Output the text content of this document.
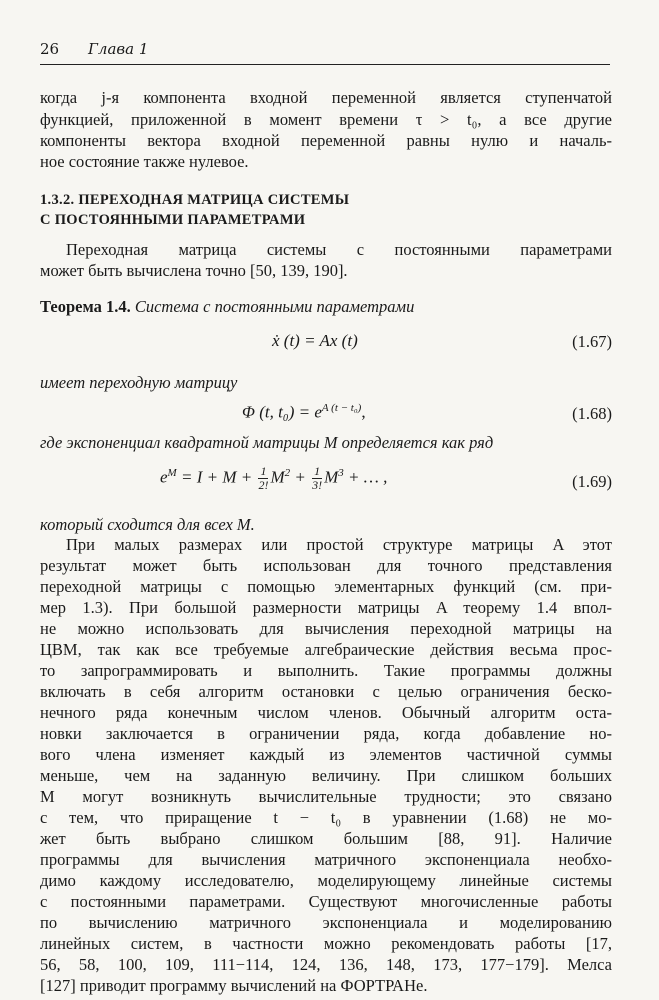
26 Глава 1
когда j-я компонента входной переменной является ступенчатой
функцией, приложенной в момент времени τ > t₀, а все другие
компоненты вектора входной переменной равны нулю и началь-
ное состояние также нулевое.
1.3.2. ПЕРЕХОДНАЯ МАТРИЦА СИСТЕМЫ
С ПОСТОЯННЫМИ ПАРАМЕТРАМИ
Переходная матрица системы с постоянными параметрами
может быть вычислена точно [50, 139, 190].
Теорема 1.4. Система с постоянными параметрами
ẋ (t) = Ax (t)	(1.67)
имеет переходную матрицу
Φ (t, $t_0) = e^{A (t - t_0)}$,	(1.68)
где экспоненциал квадратной матрицы M определяется как ряд
$e^M = I + M + \frac{1}{2!} M^2 + \frac{1}{3!} M^3$ + … ,	(1.69)
который сходится для всех M.
При малых размерах или простой структуре матрицы A этот
результат может быть использован для точного представления
переходной матрицы с помощью элементарных функций (см. при-
мер 1.3). При большой размерности матрицы A теорему 1.4 впол-
не можно использовать для вычисления переходной матрицы на
ЦВМ, так как все требуемые алгебраические действия весьма прос-
то запрограммировать и выполнить. Такие программы должны
включать в себя алгоритм остановки с целью ограничения беско-
нечного ряда конечным числом членов. Обычный алгоритм оста-
новки заключается в ограничении ряда, когда добавление но-
вого члена изменяет каждый из элементов частичной суммы
меньше, чем на заданную величину. При слишком больших
M могут возникнуть вычислительные трудности; это связано
с тем, что приращение t − t₀ в уравнении (1.68) не мо-
жет быть выбрано слишком большим [88, 91]. Наличие
программы для вычисления матричного экспоненциала необхо-
димо каждому исследователю, моделирующему линейные системы
с постоянными параметрами. Существуют многочисленные работы
по вычислению матричного экспоненциала и моделированию
линейных систем, в частности можно рекомендовать работы [17,
56, 58, 100, 109, 111−114, 124, 136, 148, 173, 177−179]. Мелса
[127] приводит программу вычислений на ФОРТРАНе.
